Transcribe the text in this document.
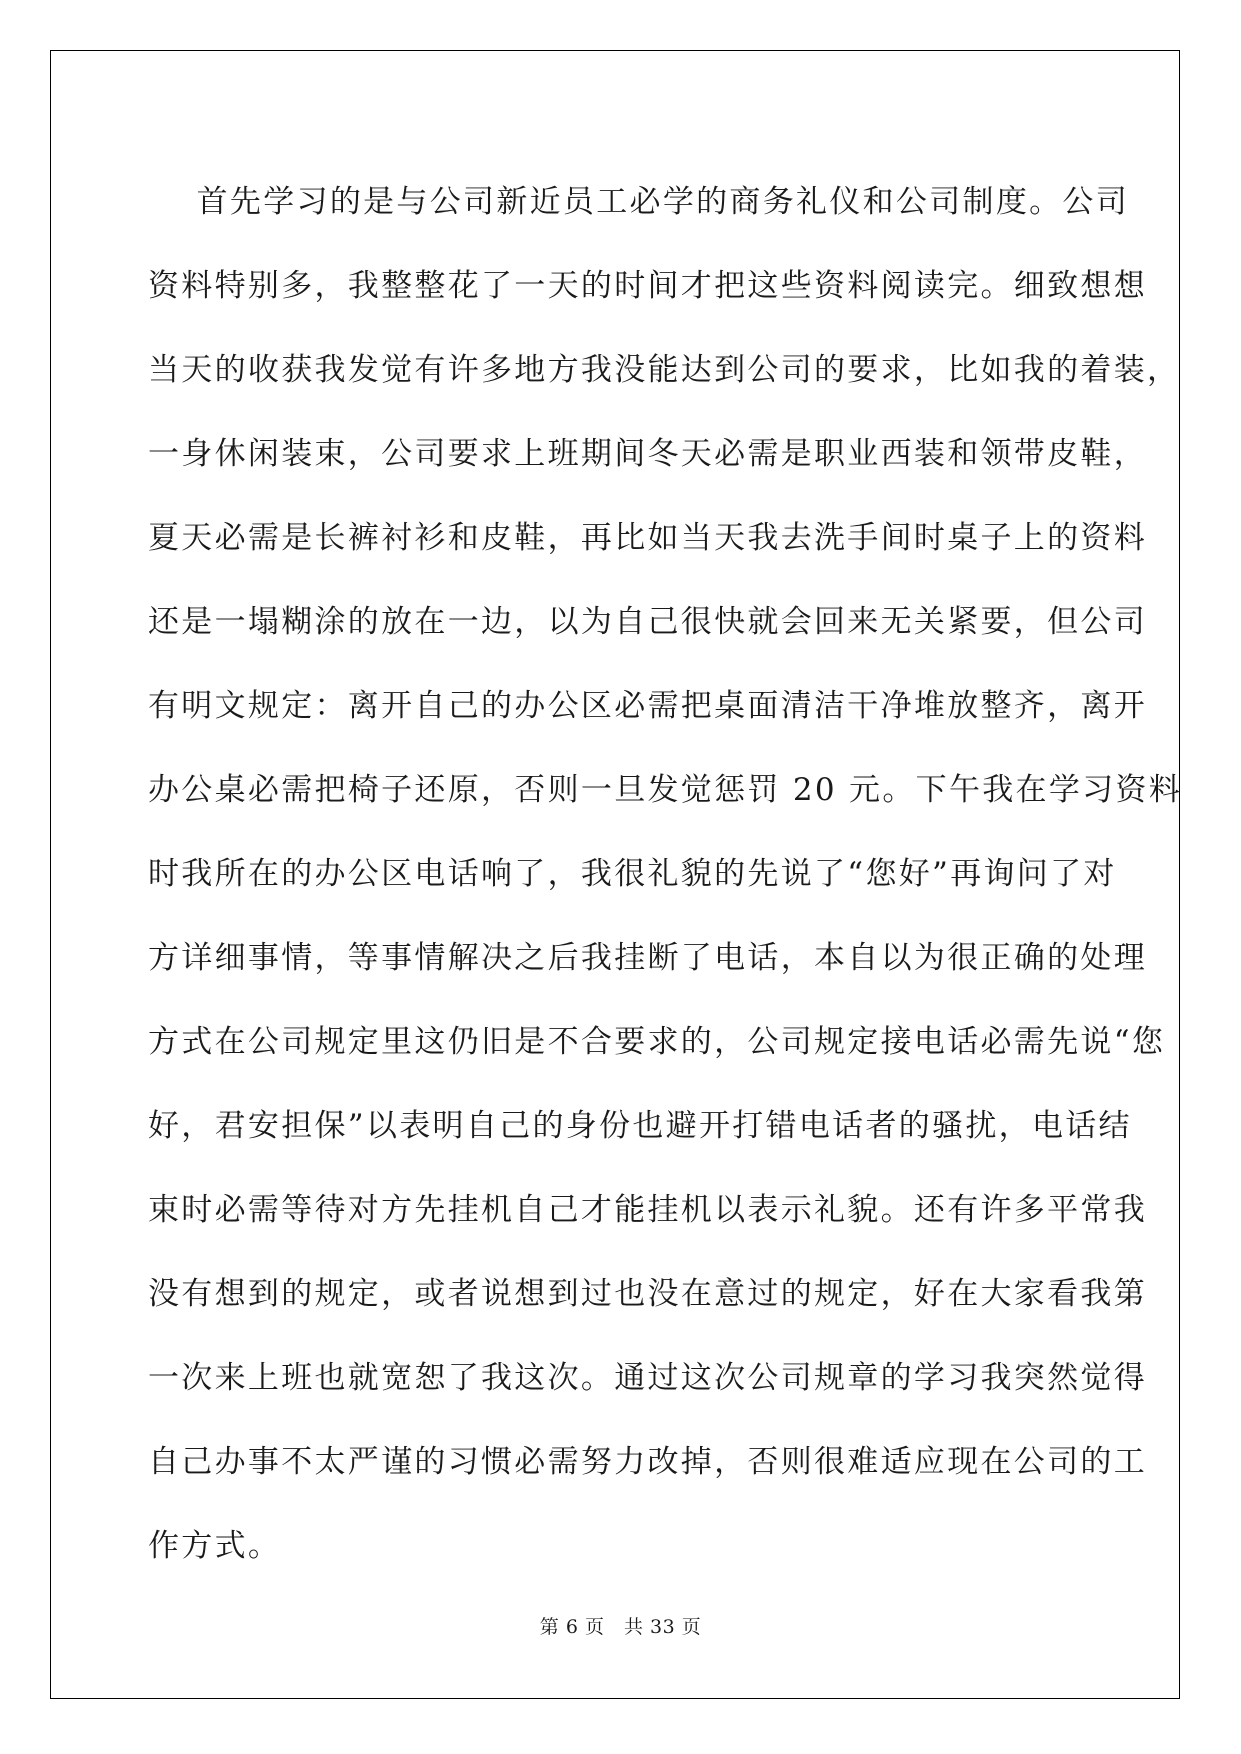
首先学习的是与公司新近员工必学的商务礼仪和公司制度。公司
资料特别多，我整整花了一天的时间才把这些资料阅读完。细致想想
当天的收获我发觉有许多地方我没能达到公司的要求，比如我的着装，
一身休闲装束，公司要求上班期间冬天必需是职业西装和领带皮鞋，
夏天必需是长裤衬衫和皮鞋，再比如当天我去洗手间时桌子上的资料
还是一塌糊涂的放在一边，以为自己很快就会回来无关紧要，但公司
有明文规定：离开自己的办公区必需把桌面清洁干净堆放整齐，离开
办公桌必需把椅子还原，否则一旦发觉惩罚 20 元。下午我在学习资料
时我所在的办公区电话响了，我很礼貌的先说了“您好”再询问了对
方详细事情，等事情解决之后我挂断了电话，本自以为很正确的处理
方式在公司规定里这仍旧是不合要求的，公司规定接电话必需先说“您
好，君安担保”以表明自己的身份也避开打错电话者的骚扰，电话结
束时必需等待对方先挂机自己才能挂机以表示礼貌。还有许多平常我
没有想到的规定，或者说想到过也没在意过的规定，好在大家看我第
一次来上班也就宽恕了我这次。通过这次公司规章的学习我突然觉得
自己办事不太严谨的习惯必需努力改掉，否则很难适应现在公司的工
作方式。
第 6 页　共 33 页
